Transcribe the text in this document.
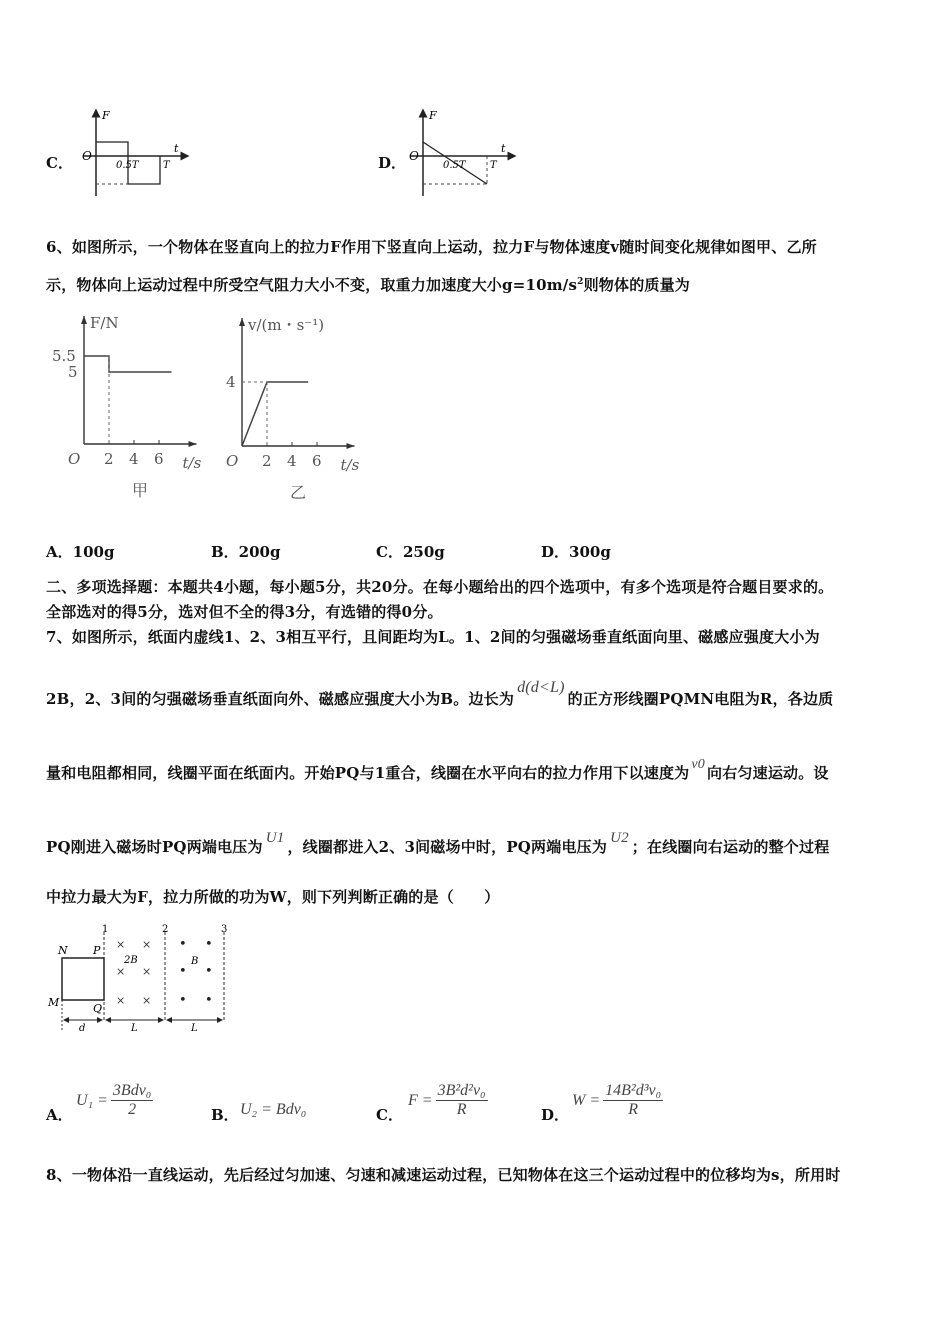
C．
F
t
O
0.5T T	D．
F
t
O
0.5T T
6、如图所示，一个物体在竖直向上的拉力F作用下竖直向上运动，拉力F与物体速度v随时间变化规律如图甲、乙所
示，物体向上运动过程中所受空气阻力大小不变，取重力加速度大小$g=10m/s^2$则物体的质量为
F/N
t/s
O
甲
2 4 6
5
5.5
v/(m・s⁻¹)
t/s
O
乙
2 4 6
4
A．100g	B．200g	C．250g	D．300g
二、多项选择题：本题共4小题，每小题5分，共20分。在每小题给出的四个选项中，有多个选项是符合题目要求的。
全部选对的得5分，选对但不全的得3分，有选错的得0分。
7、如图所示，纸面内虚线1、2、3相互平行，且间距均为L。1、2间的匀强磁场垂直纸面向里、磁感应强度大小为
2B，2、3间的匀强磁场垂直纸面向外、磁感应强度大小为B。边长为d(d<L)的正方形线圈PQMN电阻为R，各边质
量和电阻都相同，线圈平面在纸面内。开始PQ与1重合，线圈在水平向右的拉力作用下以速度为 v0 向右匀速运动。设
PQ刚进入磁场时PQ两端电压为 U1 ，线圈都进入2、3间磁场中时，PQ两端电压为 U2 ；在线圈向右运动的整个过程
中拉力最大为F，拉力所做的功为W，则下列判断正确的是（　　）
N P
M	Q
1	2	3
× ×
× ×
× ×
2B
• •
• •
• •
B
d	L	L
A．
$U_1 = \frac{\text{3Bdv₀}}{2}$	B． U₂ = Bdv₀	C．
$F = \frac{\text{3B²d²v₀}}{R}$	D．
$W = \frac{\text{14B²d³v₀}}{R}$
8、一物体沿一直线运动，先后经过匀加速、匀速和减速运动过程，已知物体在这三个运动过程中的位移均为s，所用时
